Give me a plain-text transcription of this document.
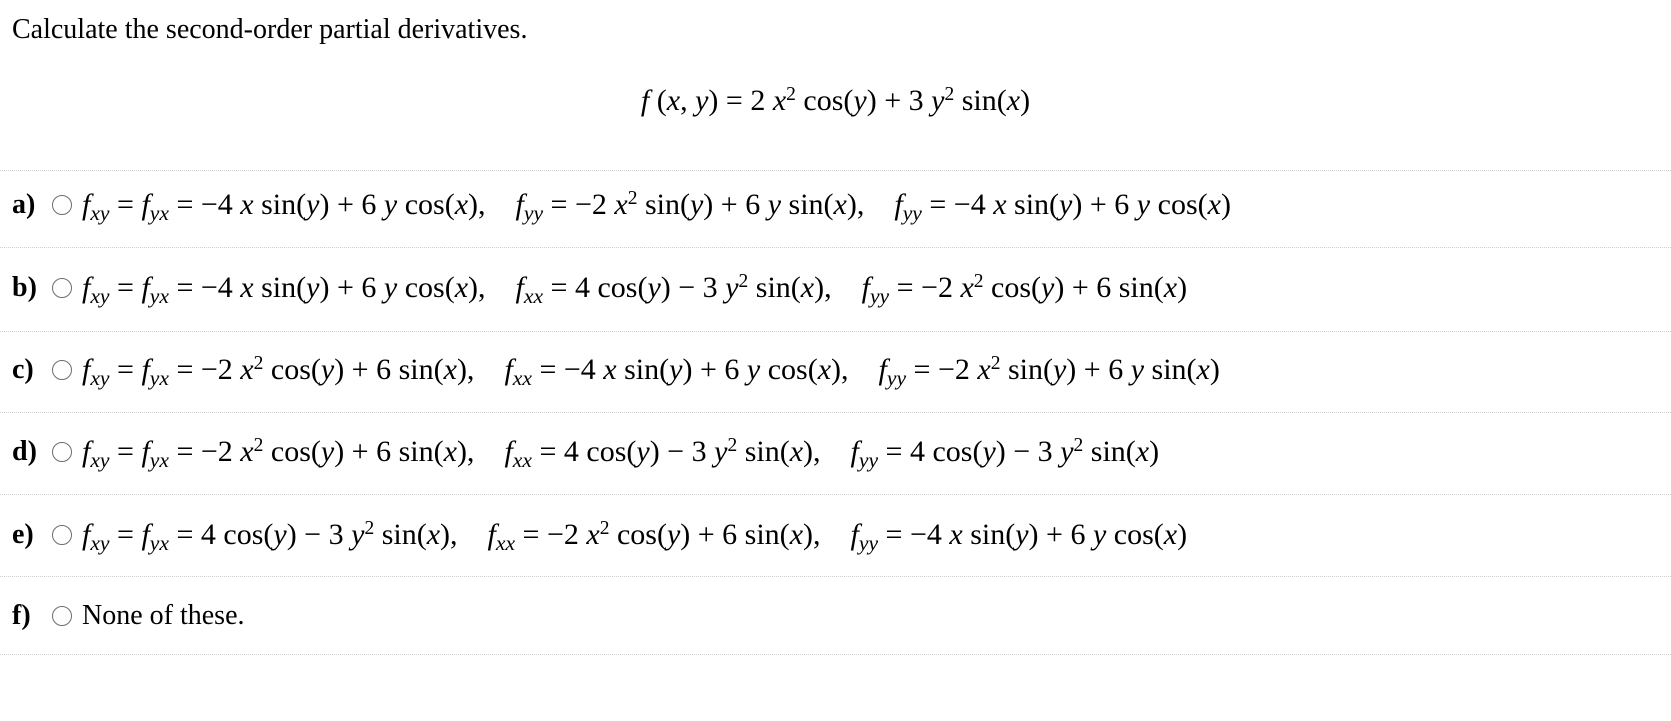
Calculate the second-order partial derivatives.
f (x, y) = 2 $x^2$ cos(y) + 3 $y^2$ sin(x)
a)	$f_{xy} = f_{yx} = -4$ x sin(y) + 6 y cos(x),  $f_{yy} = -2$ $x^2$ sin(y) + 6 y sin(x),  $f_{yy} = -4$ x sin(y) + 6 y cos(x)
b)	$f_{xy} = f_{yx} = -4$ x sin(y) + 6 y cos(x),  $f_{xx} = 4$ cos(y) − 3 $y^2$ sin(x),  $f_{yy} = -2$ $x^2$ cos(y) + 6 sin(x)
c)	$f_{xy} = f_{yx} = -2$ $x^2$ cos(y) + 6 sin(x),  $f_{xx} = -4$ x sin(y) + 6 y cos(x),  $f_{yy} = -2$ $x^2$ sin(y) + 6 y sin(x)
d)	$f_{xy} = f_{yx} = -2$ $x^2$ cos(y) + 6 sin(x),  $f_{xx} = 4$ cos(y) − 3 $y^2$ sin(x),  $f_{yy} = 4$ cos(y) − 3 $y^2$ sin(x)
e)	$f_{xy} = f_{yx} = 4$ cos(y) − 3 $y^2$ sin(x),  $f_{xx} = -2$ $x^2$ cos(y) + 6 sin(x),  $f_{yy} = -4$ x sin(y) + 6 y cos(x)
f)	None of these.
